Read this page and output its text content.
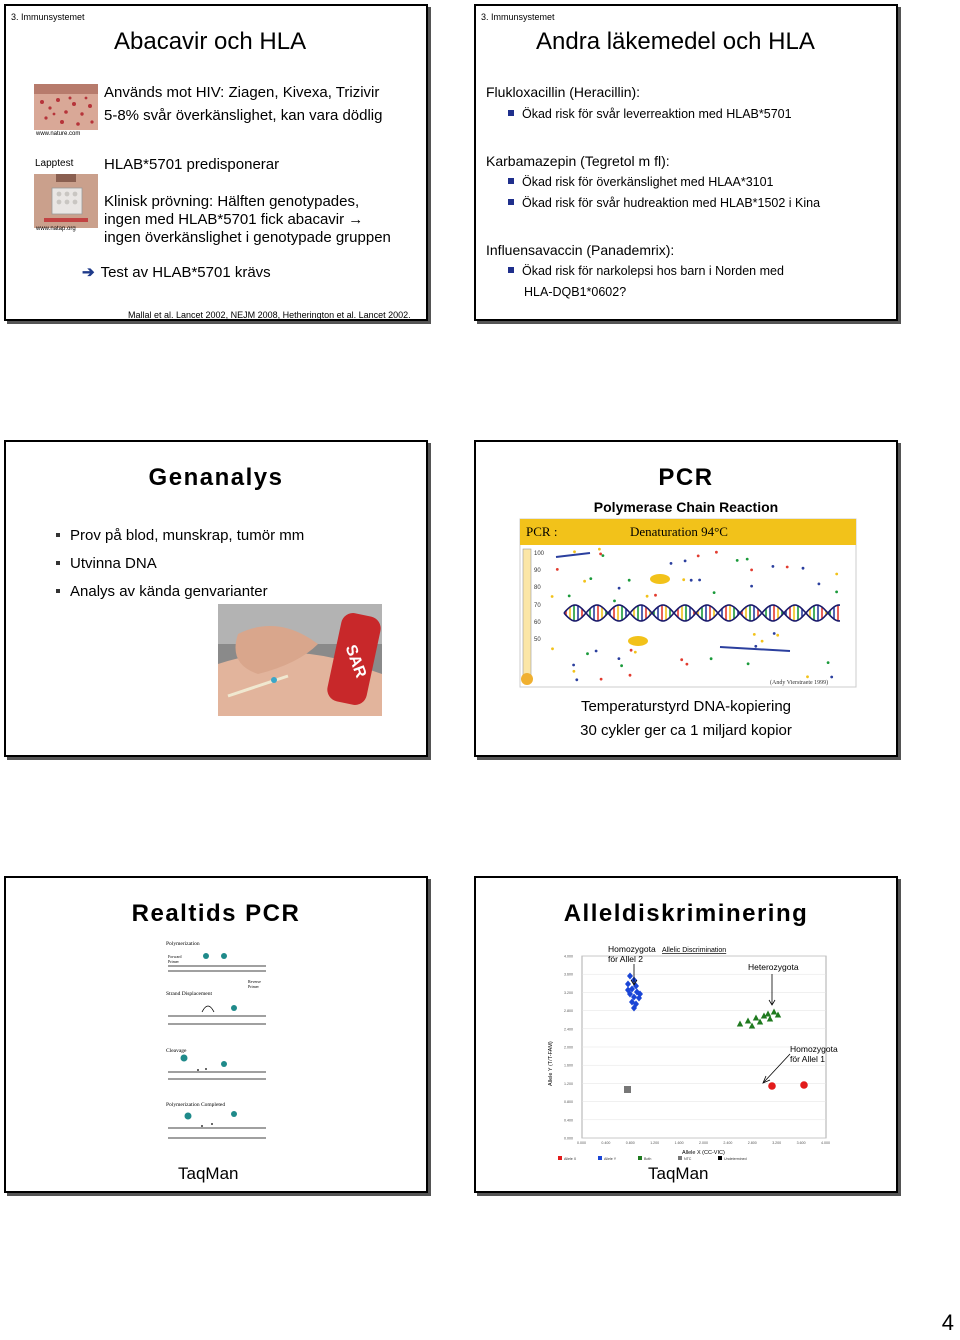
3. Immunsystemet
Abacavir och HLA
www.nature.com
Lapptest
www.natap.org
Används mot HIV: Ziagen, Kivexa, Trizivir
5-8% svår överkänslighet, kan vara dödlig
HLAB*5701 predisponerar
Klinisk prövning: Hälften genotypades,
ingen med HLAB*5701 fick abacavir →
ingen överkänslighet i genotypade gruppen
➔ Test av HLAB*5701 krävs
Mallal et al. Lancet 2002, NEJM 2008, Hetherington et al. Lancet 2002.
3. Immunsystemet
Andra läkemedel och HLA
Flukloxacillin (Heracillin):
Ökad risk för svår leverreaktion med HLAB*5701
Karbamazepin (Tegretol m fl):
Ökad risk för överkänslighet med HLAA*3101
Ökad risk för svår hudreaktion med HLAB*1502 i Kina
Influensavaccin (Panademrix):
Ökad risk för narkolepsi hos barn i Norden med
HLA-DQB1*0602?
Genanalys
Prov på blod, munskrap, tumör mm
Utvinna DNA
Analys av kända genvarianter
SAR
PCR
Polymerase Chain Reaction
PCR :	Denaturation 94°C
100
90
80
70
60
50
(Andy Vierstraete 1999)
Temperaturstyrd DNA-kopiering
30 cykler ger ca 1 miljard kopior
Realtids PCR
Polymerization
Forward
Primer
Strand Displacement
Reverse
Primer
Cleavage
Polymerization Completed
TaqMan
Alleldiskriminering
Allelic Discrimination
Allele Y (T/T-FAM)
Allele X (CC-VIC)
4.000
3.600
3.200
2.800
2.400
2.000
1.600
1.200
0.800
0.400
0.000
0.000	0.400	0.800	1.200	1.600	2.000	2.400	2.800	3.200	3.600	4.000
Homozygota
för Allel 2
Heterozygota
Homozygota
för Allel 1
Allele X	Allele Y	Both	NTC	Undetermined
TaqMan
4
